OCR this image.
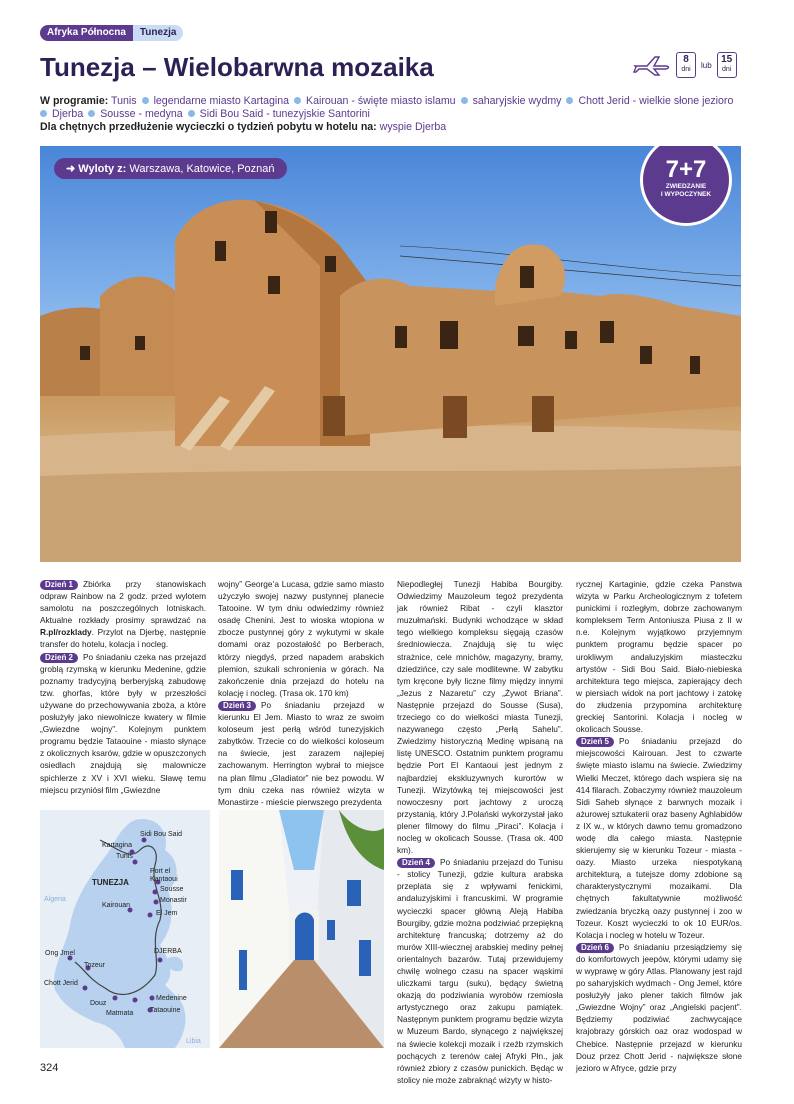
Afryka Północna	Tunezja
Tunezja – Wielobarwna mozaika	8
dni	lub 15
dni
W programie: Tunis legendarne miasto Kartagina Kairouan - święte miasto islamu saharyjskie wydmy Chott Jerid - wielkie słone jezioro
Djerba Sousse - medyna Sidi Bou Said - tunezyjskie Santorini
Dla chętnych przedłużenie wycieczki o tydzień pobytu w hotelu na: wyspie Djerba
➜ Wyloty z: Warszawa, Katowice, Poznań	7+7
ZWIEDZANIE
I WYPOCZYNEK

Dzień 1 Zbiórka przy stanowiskach odpraw Rainbow na 2 godz. przed wylotem samolotu na poszczególnych lotniskach. Aktualne rozkłady prosimy sprawdzać na R.pl/rozklady. Przylot na Djerbę, następnie transfer do hotelu, kolacja i nocleg.

Dzień 2 Po śniadaniu czeka nas przejazd groblą rzymską w kierunku Medenine, gdzie poznamy tradycyjną berberyjską zabudowę tzw. ghorfas, które były w przeszłości używane do przechowywania zboża, a które posłużyły jako niewolnicze kwatery w filmie „Gwiezdne wojny”. Kolejnym punktem programu będzie Tataouine - miasto słynące z okolicznych ksarów, gdzie w opuszczonych osiedlach znajdują się malownicze spichlerze z XV i XVI wieku. Sławę temu miejscu przyniósł film „Gwiezdne

wojny” George’a Lucasa, gdzie samo miasto użyczyło swojej nazwy pustynnej planecie Tatooine. W tym dniu odwiedzimy również osadę Chenini. Jest to wioska wtopiona w zbocze pustynnej góry z wykutymi w skale domami oraz pozostałość po Berberach, którzy niegdyś, przed napadem arabskich plemion, szukali schronienia w górach. Na zakończenie dnia przejazd do hotelu na kolację i nocleg. (Trasa ok. 170 km)

Dzień 3 Po śniadaniu przejazd w kierunku El Jem. Miasto to wraz ze swoim koloseum jest perłą wśród tunezyjskich zabytków. Trzecie co do wielkości koloseum na świecie, jest zarazem najlepiej zachowanym. Herrington wybrał to miejsce na plan filmu „Gladiator” nie bez powodu. W tym dniu czeka nas również wizyta w Monastirze - mieście pierwszego prezydenta

Niepodległej Tunezji Habiba Bourgiby. Odwiedzimy Mauzoleum tegoż prezydenta jak również Ribat - czyli klasztor muzułmański. Budynki wchodzące w skład tego wielkiego kompleksu sięgają czasów średniowiecza. Znajdują się tu więc strażnice, cele mnichów, magazyny, bramy, dziedzińce, czy sale modlitewne. W zabytku tym kręcone były liczne filmy między innymi „Jezus z Nazaretu” czy „Żywot Briana”. Następnie przejazd do Sousse (Susa), trzeciego co do wielkości miasta Tunezji, nazywanego często „Perłą Sahelu”. Zwiedzimy historyczną Medinę wpisaną na listę UNESCO. Ostatnim punktem programu będzie Port El Kantaoui jest jednym z najbardziej ekskluzywnych kurortów w Tunezji. Wizytówką tej miejscowości jest nowoczesny port jachtowy z uroczą przystanią, który J.Polański wykorzystał jako plener filmowy do filmu „Piraci”. Kolacja i nocleg w okolicach Sousse. (Trasa ok. 400 km).

Dzień 4 Po śniadaniu przejazd do Tunisu - stolicy Tunezji, gdzie kultura arabska przeplata się z wpływami fenickimi, andaluzyjskimi i francuskimi. W programie wycieczki spacer główną Aleją Habiba Bourgiby, gdzie można podziwiać przepiękną architekturę francuską; dotrzemy aż do murów XIII-wiecznej arabskiej mediny pełnej orientalnych bazarów. Tutaj przewidujemy chwilę wolnego czasu na spacer wąskimi uliczkami targu (suku), będący świetną okazją do podziwiania wyrobów rzemiosła artystycznego oraz zakupu pamiątek. Następnym punktem programu będzie wizyta w Muzeum Bardo, słynącego z największej na świecie kolekcji mozaik i rzeźb rzymskich pochących z terenów całej Afryki Płn., jak również zbiory z czasów punickich. Będąc w stolicy nie może zabraknąć wizyty w histo-

rycznej Kartaginie, gdzie czeka Panstwa wizyta w Parku Archeologicznym z tofetem punickimi i rozległym, dobrze zachowanym kompleksem Term Antoniusza Piusa z II w n.e. Kolejnym wyjątkowo przyjemnym punktem programu będzie spacer po urokliwym andaluzyjskim miasteczku artystów - Sidi Bou Said. Biało-niebieska architektura tego miejsca, zapierający dech w piersiach widok na port jachtowy i zatokę do złudzenia przypomina architekturę greckiej Santorini. Kolacja i nocleg w okolicach Sousse.

Dzień 5 Po śniadaniu przejazd do miejscowości Kairouan. Jest to czwarte święte miasto islamu na świecie. Zwiedzimy Wielki Meczet, którego dach wspiera się na 414 filarach. Zobaczymy również mauzoleum Sidi Saheb słynące z barwnych mozaik i ażurowej sztukaterii oraz baseny Aghlabidów z IX w., w których dawno temu gromadzono wodę dla całego miasta. Następnie skierujemy się w kierunku Tozeur - miasta - oazy. Miasto urzeka niespotykaną architekturą, a tutejsze domy zdobione są charakterystycznymi mozaikami. Dla chętnych fakultatywnie możliwość zwiedzania bryczką oazy pustynnej i zoo w Tozeur. Koszt wycieczki to ok 10 EUR/os. Kolacja i nocleg w hotelu w Tozeur.

Dzień 6 Po śniadaniu przesiądziemy się do komfortowych jeepów, którymi udamy się w wyprawę w góry Atlas. Planowany jest rajd po saharyjskich wydmach - Ong Jemel, które posłużyły jako plener takich filmów jak „Gwiezdne Wojny” oraz „Angielski pacjent”. Będziemy podziwiać zachwycające krajobrazy górskich oaz oraz wodospad w Chebice. Następnie przejazd w kierunku Douz przez Chott Jerid - największe słone jezioro w Afryce, gdzie przy

TUNEZJA
Algeria
Libia
Sidi Bou Said
Kartagina
Tunis
Port el Kantaoui
Sousse
Monastir
El Jem
Kairouan
DJERBA
Ong Jmel
Tozeur
Chott Jerid
Douz
Matmata
Medenine
Tataouine
324
